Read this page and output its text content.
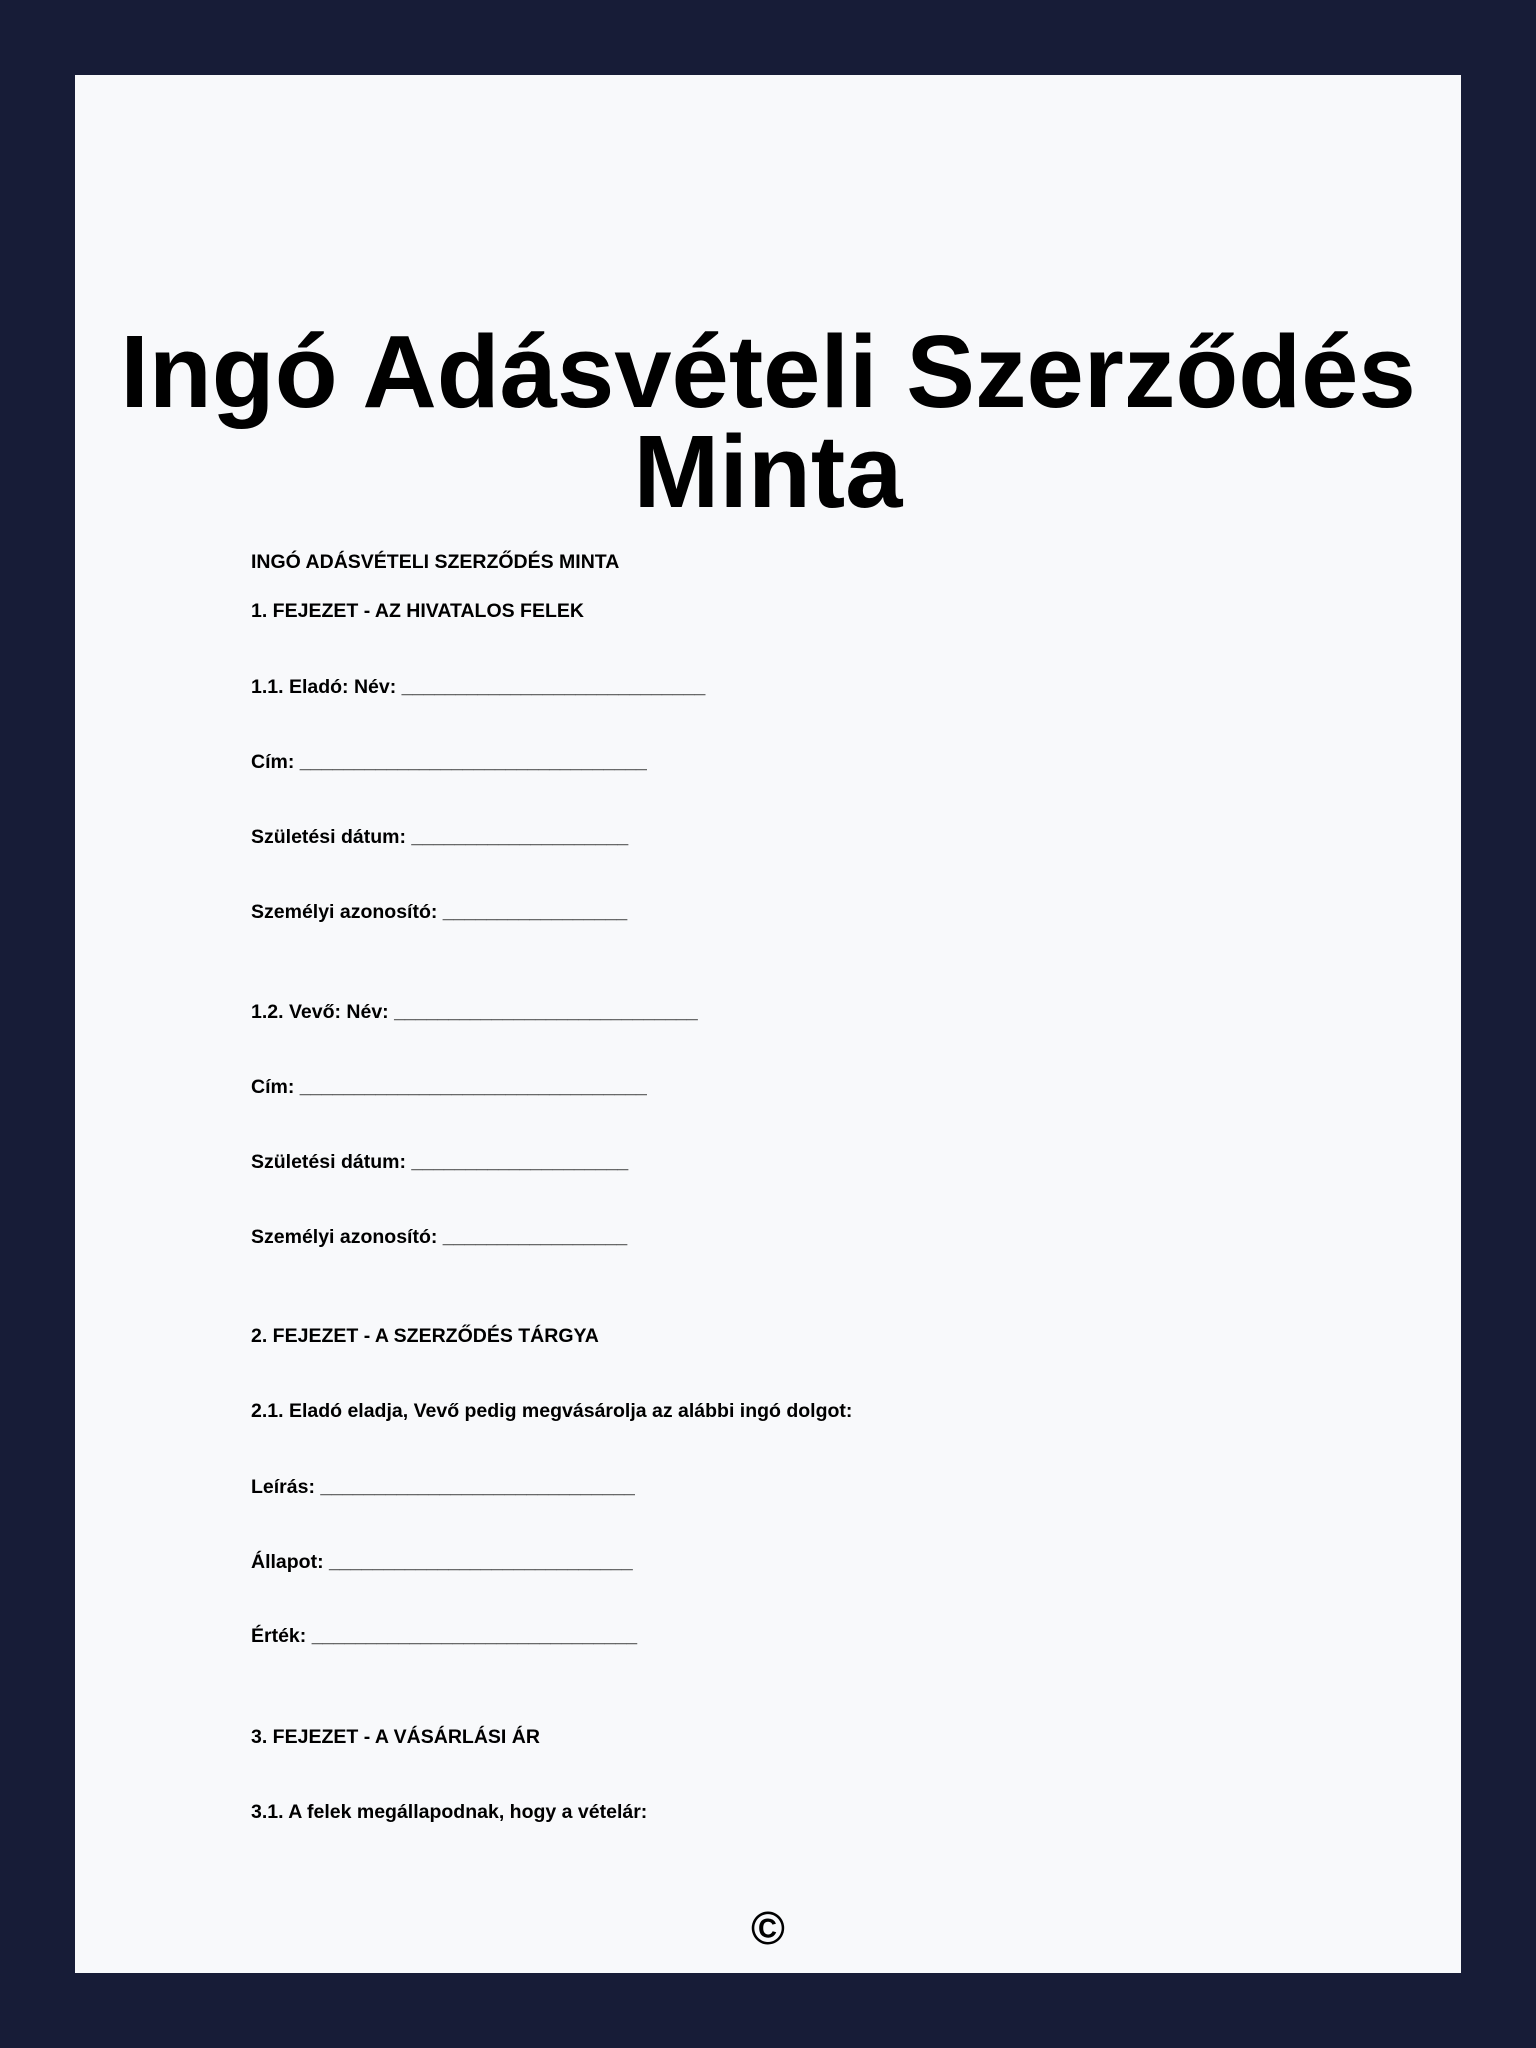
Ingó Adásvételi Szerződés
Minta
INGÓ ADÁSVÉTELI SZERZŐDÉS MINTA
1. FEJEZET - AZ HIVATALOS FELEK
1.1. Eladó: Név: ____________________________
Cím: ________________________________
Születési dátum: ____________________
Személyi azonosító: _________________
1.2. Vevő: Név: ____________________________
Cím: ________________________________
Születési dátum: ____________________
Személyi azonosító: _________________
2. FEJEZET - A SZERZŐDÉS TÁRGYA
2.1. Eladó eladja, Vevő pedig megvásárolja az alábbi ingó dolgot:
Leírás: _____________________________
Állapot: ____________________________
Érték: ______________________________
3. FEJEZET - A VÁSÁRLÁSI ÁR
3.1. A felek megállapodnak, hogy a vételár:
©
